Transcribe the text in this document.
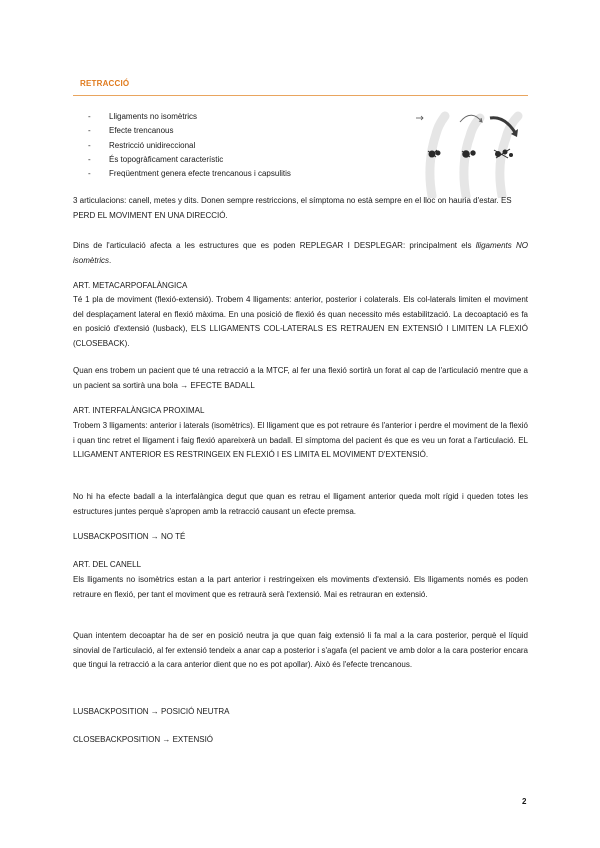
RETRACCIÓ
- Lligaments no isomètrics
- Efecte trencanous
- Restricció unidireccional
- És topogràficament característic
- Freqüentment genera efecte trencanous i capsulitis

3 articulacions: canell, metes y dits. Donen sempre restriccions, el símptoma no està sempre en el lloc on hauria d'estar. ES PERD EL MOVIMENT EN UNA DIRECCIÓ.

Dins de l'articulació afecta a les estructures que es poden REPLEGAR I DESPLEGAR: principalment els lligaments NO isomètrics.

ART. METACARPOFALÀNGICA

Té 1 pla de moviment (flexió-extensió). Trobem 4 lligaments: anterior, posterior i colaterals. Els col-laterals limiten el moviment del desplaçament lateral en flexió màxima. En una posició de flexió és quan necessito més estabilització. La decoaptació es fa en posició d'extensió (lusback), ELS LLIGAMENTS COL-LATERALS ES RETRAUEN EN EXTENSIÓ I LIMITEN LA FLEXIÓ (CLOSEBACK).

Quan ens trobem un pacient que té una retracció a la MTCF, al fer una flexió sortirà un forat al cap de l'articulació mentre que a un pacient sa sortirà una bola → EFECTE BADALL

ART. INTERFALÀNGICA PROXIMAL

Trobem 3 lligaments: anterior i laterals (isomètrics). El lligament que es pot retraure és l'anterior i perdre el moviment de la flexió i quan tinc retret el lligament i faig flexió apareixerà un badall. El símptoma del pacient és que es veu un forat a l'articulació. EL LLIGAMENT ANTERIOR ES RESTRINGEIX EN FLEXIÓ I ES LIMITA EL MOVIMENT D'EXTENSIÓ.

No hi ha efecte badall a la interfalàngica degut que quan es retrau el lligament anterior queda molt rígid i queden totes les estructures juntes perquè s'apropen amb la retracció causant un efecte premsa.

LUSBACKPOSITION → NO TÉ

ART. DEL CANELL

Els lligaments no isomètrics estan a la part anterior i restringeixen els moviments d'extensió. Els lligaments només es poden retraure en flexió, per tant el moviment que es retraurà serà l'extensió. Mai es retrauran en extensió.

Quan intentem decoaptar ha de ser en posició neutra ja que quan faig extensió li fa mal a la cara posterior, perquè el líquid sinovial de l'articulació, al fer extensió tendeix a anar cap a posterior i s'agafa (el pacient ve amb dolor a la cara posterior encara que tingui la retracció a la cara anterior dient que no es pot apollar). Això és l'efecte trencanous.

LUSBACKPOSITION → POSICIÓ NEUTRA

CLOSEBACKPOSITION → EXTENSIÓ

2
